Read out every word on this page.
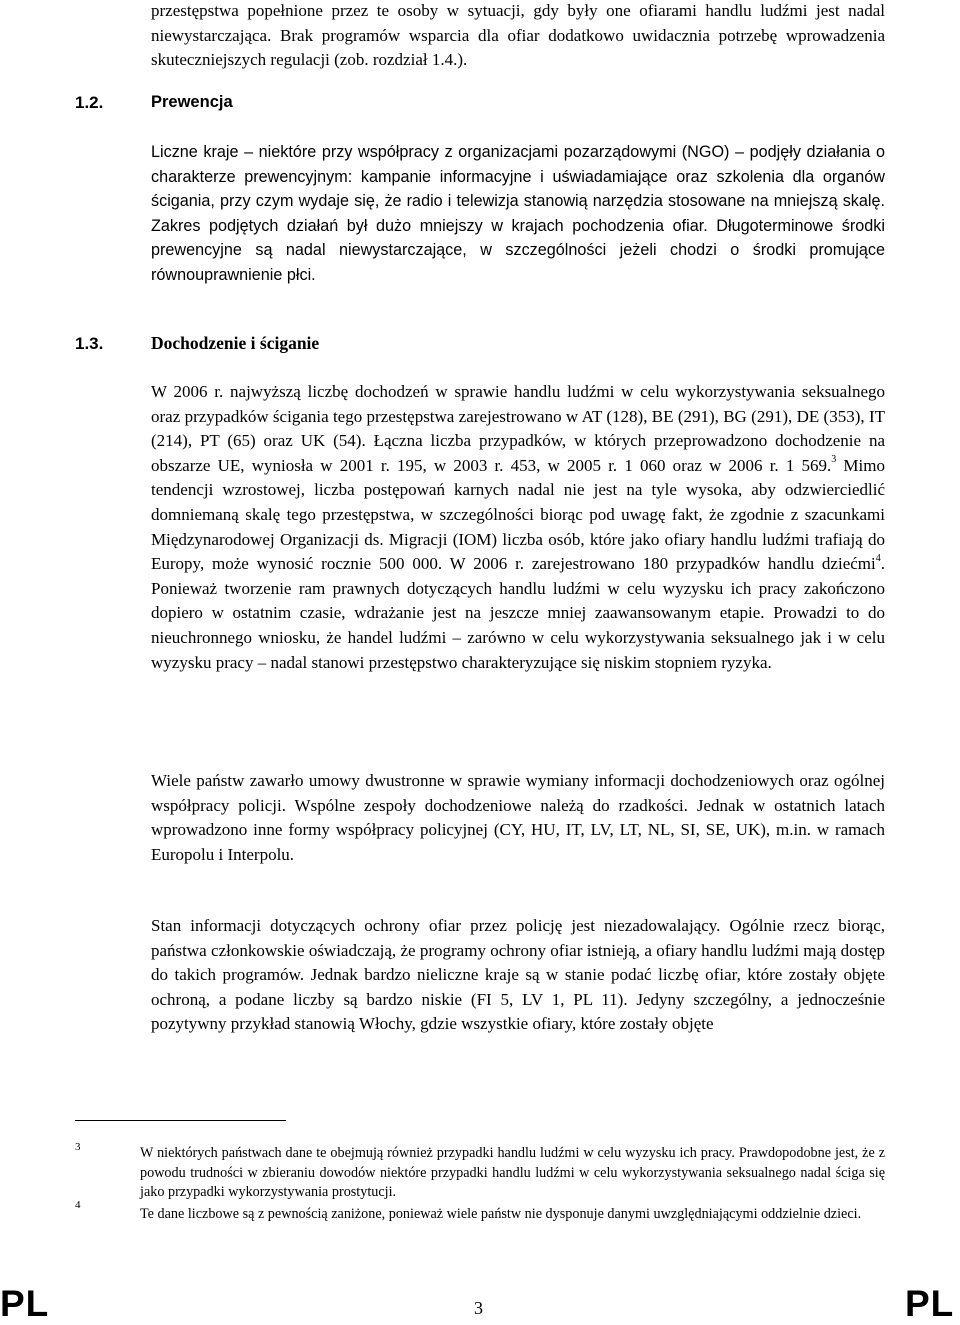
przestępstwa popełnione przez te osoby w sytuacji, gdy były one ofiarami handlu ludźmi jest nadal niewystarczająca. Brak programów wsparcia dla ofiar dodatkowo uwidacznia potrzebę wprowadzenia skuteczniejszych regulacji (zob. rozdział 1.4.).

1.2.	Prewencja

Liczne kraje – niektóre przy współpracy z organizacjami pozarządowymi (NGO) – podjęły działania o charakterze prewencyjnym: kampanie informacyjne i uświadamiające oraz szkolenia dla organów ścigania, przy czym wydaje się, że radio i telewizja stanowią narzędzia stosowane na mniejszą skalę. Zakres podjętych działań był dużo mniejszy w krajach pochodzenia ofiar. Długoterminowe środki prewencyjne są nadal niewystarczające, w szczególności jeżeli chodzi o środki promujące równouprawnienie płci.

1.3.	Dochodzenie i ściganie

W 2006 r. najwyższą liczbę dochodzeń w sprawie handlu ludźmi w celu wykorzystywania seksualnego oraz przypadków ścigania tego przestępstwa zarejestrowano w AT (128), BE (291), BG (291), DE (353), IT (214), PT (65) oraz UK (54). Łączna liczba przypadków, w których przeprowadzono dochodzenie na obszarze UE, wyniosła w 2001 r. 195, w 2003 r. 453, w 2005 r. 1 060 oraz w 2006 r. 1 569.$^3$ Mimo tendencji wzrostowej, liczba postępowań karnych nadal nie jest na tyle wysoka, aby odzwierciedlić domniemaną skalę tego przestępstwa, w szczególności biorąc pod uwagę fakt, że zgodnie z szacunkami Międzynarodowej Organizacji ds. Migracji (IOM) liczba osób, które jako ofiary handlu ludźmi trafiają do Europy, może wynosić rocznie 500 000. W 2006 r. zarejestrowano 180 przypadków handlu dziećmi$^4$. Ponieważ tworzenie ram prawnych dotyczących handlu ludźmi w celu wyzysku ich pracy zakończono dopiero w ostatnim czasie, wdrażanie jest na jeszcze mniej zaawansowanym etapie. Prowadzi to do nieuchronnego wniosku, że handel ludźmi – zarówno w celu wykorzystywania seksualnego jak i w celu wyzysku pracy – nadal stanowi przestępstwo charakteryzujące się niskim stopniem ryzyka.

Wiele państw zawarło umowy dwustronne w sprawie wymiany informacji dochodzeniowych oraz ogólnej współpracy policji. Wspólne zespoły dochodzeniowe należą do rzadkości. Jednak w ostatnich latach wprowadzono inne formy współpracy policyjnej (CY, HU, IT, LV, LT, NL, SI, SE, UK), m.in. w ramach Europolu i Interpolu.

Stan informacji dotyczących ochrony ofiar przez policję jest niezadowalający. Ogólnie rzecz biorąc, państwa członkowskie oświadczają, że programy ochrony ofiar istnieją, a ofiary handlu ludźmi mają dostęp do takich programów. Jednak bardzo nieliczne kraje są w stanie podać liczbę ofiar, które zostały objęte ochroną, a podane liczby są bardzo niskie (FI 5, LV 1, PL 11). Jedyny szczególny, a jednocześnie pozytywny przykład stanowią Włochy, gdzie wszystkie ofiary, które zostały objęte

3	W niektórych państwach dane te obejmują również przypadki handlu ludźmi w celu wyzysku ich pracy. Prawdopodobne jest, że z powodu trudności w zbieraniu dowodów niektóre przypadki handlu ludźmi w celu wykorzystywania seksualnego nadal ściga się jako przypadki wykorzystywania prostytucji.

4

Te dane liczbowe są z pewnością zaniżone, ponieważ wiele państw nie dysponuje danymi uwzględniającymi oddzielnie dzieci.

PL	3	PL
